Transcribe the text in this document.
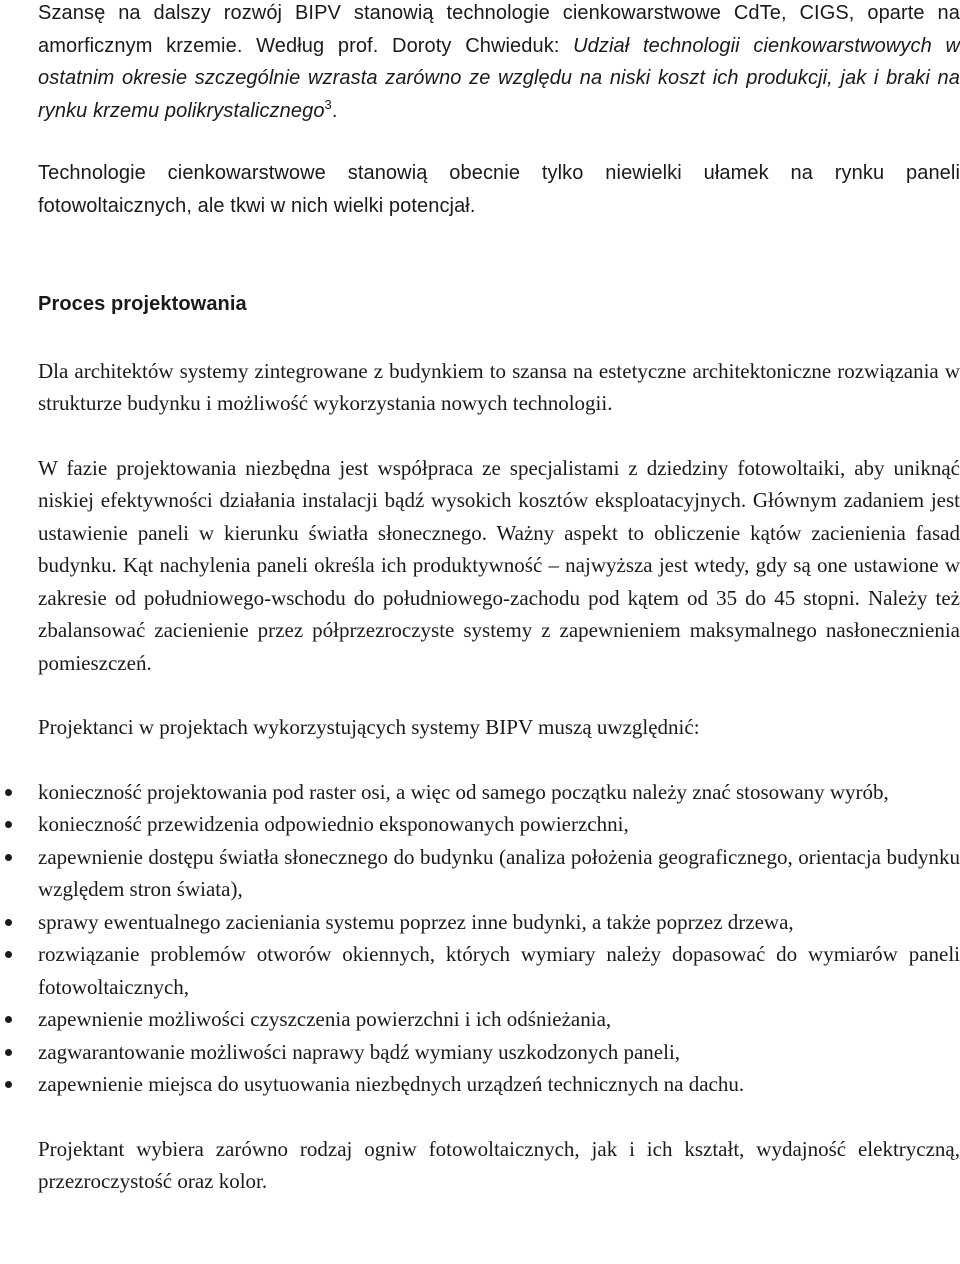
Szansę na dalszy rozwój BIPV stanowią technologie cienkowarstwowe CdTe, CIGS, oparte na amorficznym krzemie. Według prof. Doroty Chwieduk: Udział technologii cienkowarstwowych w ostatnim okresie szczególnie wzrasta zarówno ze względu na niski koszt ich produkcji, jak i braki na rynku krzemu polikrystalicznego$^3$.

Technologie cienkowarstwowe stanowią obecnie tylko niewielki ułamek na rynku paneli fotowoltaicznych, ale tkwi w nich wielki potencjał.

Proces projektowania

Dla architektów systemy zintegrowane z budynkiem to szansa na estetyczne architektoniczne rozwiązania w strukturze budynku i możliwość wykorzystania nowych technologii.

W fazie projektowania niezbędna jest współpraca ze specjalistami z dziedziny fotowoltaiki, aby uniknąć niskiej efektywności działania instalacji bądź wysokich kosztów eksploatacyjnych. Głównym zadaniem jest ustawienie paneli w kierunku światła słonecznego. Ważny aspekt to obliczenie kątów zacienienia fasad budynku. Kąt nachylenia paneli określa ich produktywność – najwyższa jest wtedy, gdy są one ustawione w zakresie od południowego-wschodu do południowego-zachodu pod kątem od 35 do 45 stopni. Należy też zbalansować zacienienie przez półprzezroczyste systemy z zapewnieniem maksymalnego nasłonecznienia pomieszczeń.

Projektanci w projektach wykorzystujących systemy BIPV muszą uwzględnić:

konieczność projektowania pod raster osi, a więc od samego początku należy znać stosowany wyrób,
konieczność przewidzenia odpowiednio eksponowanych powierzchni,
zapewnienie dostępu światła słonecznego do budynku (analiza położenia geograficznego, orientacja budynku względem stron świata),
sprawy ewentualnego zacieniania systemu poprzez inne budynki, a także poprzez drzewa,
rozwiązanie problemów otworów okiennych, których wymiary należy dopasować do wymiarów paneli fotowoltaicznych,
zapewnienie możliwości czyszczenia powierzchni i ich odśnieżania,
zagwarantowanie możliwości naprawy bądź wymiany uszkodzonych paneli,
zapewnienie miejsca do usytuowania niezbędnych urządzeń technicznych na dachu.

Projektant wybiera zarówno rodzaj ogniw fotowoltaicznych, jak i ich kształt, wydajność elektryczną, przezroczystość oraz kolor.
